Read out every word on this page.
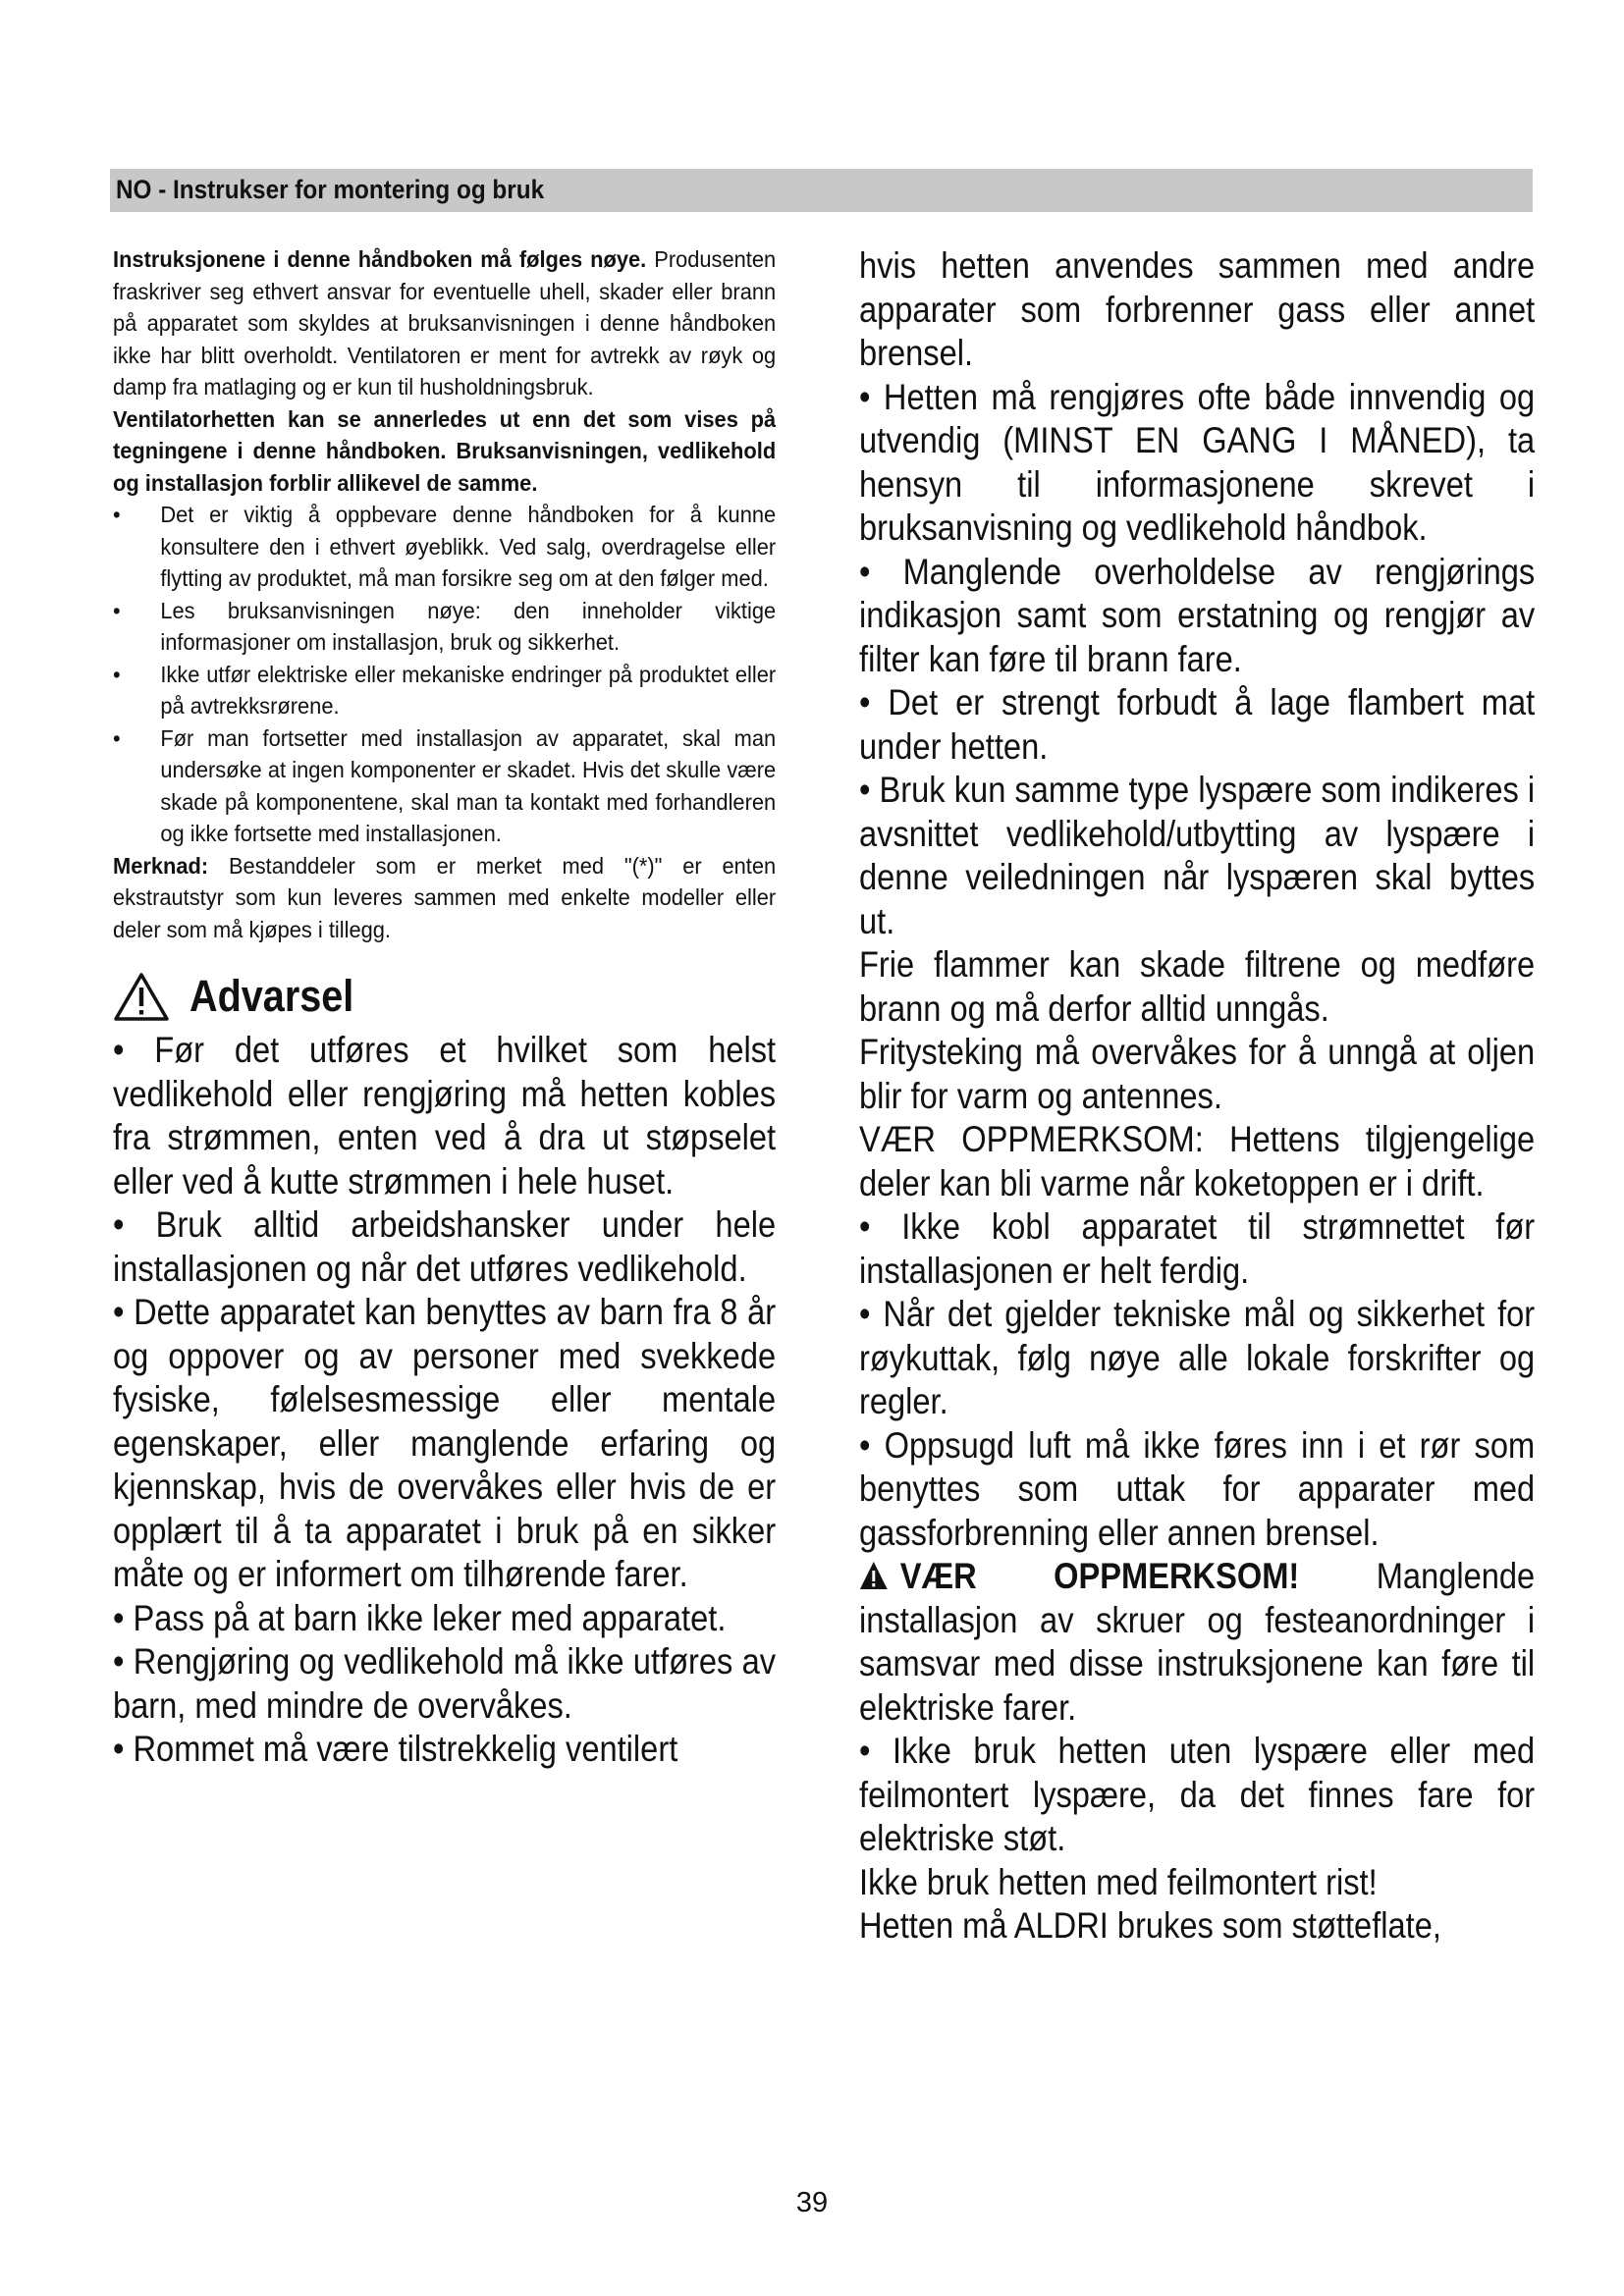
NO - Instrukser for montering og bruk

Instruksjonene i denne håndboken må følges nøye. Produsenten fraskriver seg ethvert ansvar for eventuelle uhell, skader eller brann på apparatet som skyldes at bruksanvisningen i denne håndboken ikke har blitt overholdt. Ventilatoren er ment for avtrekk av røyk og damp fra matlaging og er kun til husholdningsbruk.

Ventilatorhetten kan se annerledes ut enn det som vises på tegningene i denne håndboken. Bruksanvisningen, vedlikehold og installasjon forblir allikevel de samme.

• Det er viktig å oppbevare denne håndboken for å kunne konsultere den i ethvert øyeblikk. Ved salg, overdragelse eller flytting av produktet, må man forsikre seg om at den følger med.

• Les bruksanvisningen nøye: den inneholder viktige informasjoner om installasjon, bruk og sikkerhet.

• Ikke utfør elektriske eller mekaniske endringer på produktet eller på avtrekksrørene.

• Før man fortsetter med installasjon av apparatet, skal man undersøke at ingen komponenter er skadet. Hvis det skulle være skade på komponentene, skal man ta kontakt med forhandleren og ikke fortsette med installasjonen.

Merknad: Bestanddeler som er merket med "(*)" er enten ekstrautstyr som kun leveres sammen med enkelte modeller eller deler som må kjøpes i tillegg.

Advarsel

• Før det utføres et hvilket som helst vedlikehold eller rengjøring må hetten kobles fra strømmen, enten ved å dra ut støpselet eller ved å kutte strømmen i hele huset.

• Bruk alltid arbeidshansker under hele installasjonen og når det utføres vedlikehold.

• Dette apparatet kan benyttes av barn fra 8 år og oppover og av personer med svekkede fysiske, følelsesmessige eller mentale egenskaper, eller manglende erfaring og kjennskap, hvis de overvåkes eller hvis de er opplært til å ta apparatet i bruk på en sikker måte og er informert om tilhørende farer.

• Pass på at barn ikke leker med apparatet.

• Rengjøring og vedlikehold må ikke utføres av barn, med mindre de overvåkes.

• Rommet må være tilstrekkelig ventilert

hvis hetten anvendes sammen med andre apparater som forbrenner gass eller annet brensel.

• Hetten må rengjøres ofte både innvendig og utvendig (MINST EN GANG I MÅNED), ta hensyn til informasjonene skrevet i bruksanvisning og vedlikehold håndbok.

• Manglende overholdelse av rengjørings indikasjon samt som erstatning og rengjør av filter kan føre til brann fare.

• Det er strengt forbudt å lage flambert mat under hetten.

• Bruk kun samme type lyspære som indikeres i avsnittet vedlikehold/utbytting av lyspære i denne veiledningen når lyspæren skal byttes ut.

Frie flammer kan skade filtrene og medføre brann og må derfor alltid unngås.

Fritysteking må overvåkes for å unngå at oljen blir for varm og antennes.

VÆR OPPMERKSOM: Hettens tilgjengelige deler kan bli varme når koketoppen er i drift.

• Ikke kobl apparatet til strømnettet før installasjonen er helt ferdig.

• Når det gjelder tekniske mål og sikkerhet for røykuttak, følg nøye alle lokale forskrifter og regler.

• Oppsugd luft må ikke føres inn i et rør som benyttes som uttak for apparater med gassforbrenning eller annen brensel.

VÆR OPPMERKSOM! Manglende installasjon av skruer og festeanordninger i samsvar med disse instruksjonene kan føre til elektriske farer.

• Ikke bruk hetten uten lyspære eller med feilmontert lyspære, da det finnes fare for elektriske støt.

Ikke bruk hetten med feilmontert rist!

Hetten må ALDRI brukes som støtteflate,

39
